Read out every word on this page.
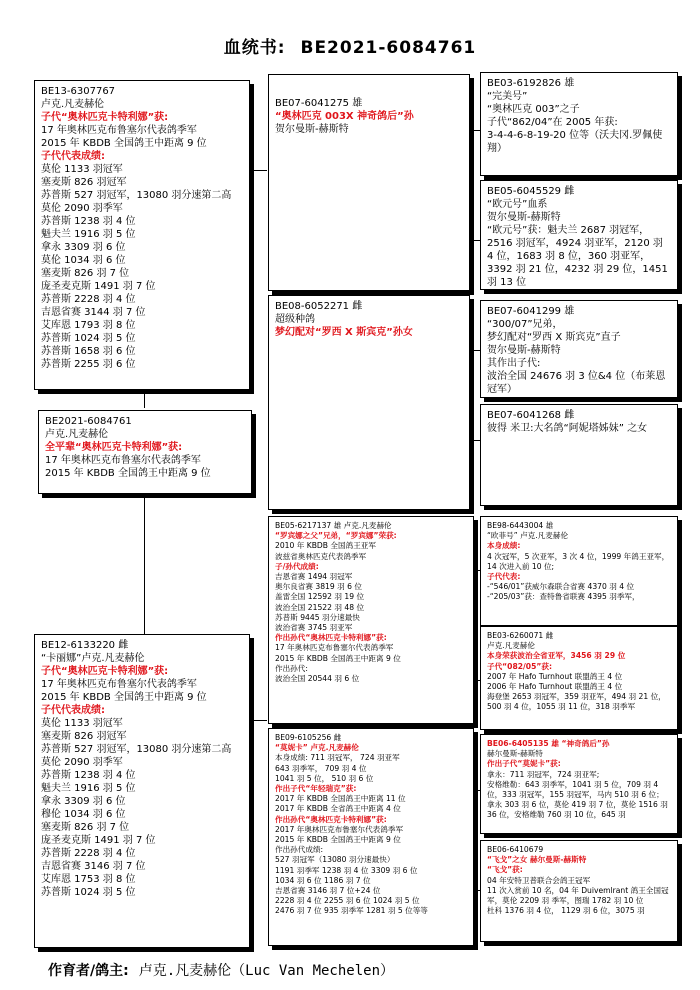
血统书: BE2021-6084761
BE13-6307767
卢克.凡麦赫伦
子代“奥林匹克卡特利娜”获:
17 年奥林匹克布鲁塞尔代表鸽季军
2015 年 KBDB 全国鸽王中距离 9 位
子代代表成绩:
莫伦 1133 羽冠军
塞麦斯 826 羽冠军
苏普斯 527 羽冠军，13080 羽分速第二高
莫伦 2090 羽季军
苏普斯 1238 羽 4 位
魁夫兰 1916 羽 5 位
拿永 3309 羽 6 位
莫伦 1034 羽 6 位
塞麦斯 826 羽 7 位
庞圣麦克斯 1491 羽 7 位
苏普斯 2228 羽 4 位
吉恩省赛 3144 羽 7 位
艾库恩 1793 羽 8 位
苏普斯 1024 羽 5 位
苏普斯 1658 羽 6 位
苏普斯 2255 羽 6 位
BE2021-6084761
卢克.凡麦赫伦
全平辈“奥林匹克卡特利娜”获:
17 年奥林匹克布鲁塞尔代表鸽季军
2015 年 KBDB 全国鸽王中距离 9 位
BE12-6133220 雌
“卡丽娜”卢克.凡麦赫伦
子代“奥林匹克卡特利娜”获:
17 年奥林匹克布鲁塞尔代表鸽季军
2015 年 KBDB 全国鸽王中距离 9 位
子代代表成绩:
莫伦 1133 羽冠军
塞麦斯 826 羽冠军
苏普斯 527 羽冠军，13080 羽分速第二高
莫伦 2090 羽季军
苏普斯 1238 羽 4 位
魁夫兰 1916 羽 5 位
拿永 3309 羽 6 位
穆伦 1034 羽 6 位
塞麦斯 826 羽 7 位
庞圣麦克斯 1491 羽 7 位
苏普斯 2228 羽 4 位
吉恩省赛 3146 羽 7 位
艾库恩 1753 羽 8 位
苏普斯 1024 羽 5 位
BE07-6041275 雄
“奥林匹克 003X 神奇鸽后”孙
贺尔曼斯-赫斯特
BE08-6052271 雌
超级种鸽
梦幻配对“罗西 X 斯宾克”孙女
BE05-6217137 雄 卢克.凡麦赫伦
“罗宾娜之父”兄弟，“罗宾娜”荣获:
2010 年 KBDB 全国鸽王亚军
波兹省奥林匹克代表鸽季军
子/孙代成绩:
吉恩省赛 1494 羽冠军
奥尔良省赛 3819 羽 6 位
盖雷全国 12592 羽 19 位
波治全国 21522 羽 48 位
苏普斯 9445 羽分速最快
波治省赛 3745 羽亚军
作出孙代“奥林匹克卡特利娜”获:
17 年奥林匹克布鲁塞尔代表鸽季军
2015 年 KBDB 全国鸽王中距离 9 位
作出孙代:
波治全国 20544 羽 6 位
BE09-6105256 雌
“莫妮卡” 卢克.凡麦赫伦
本身成绩: 711 羽冠军， 724 羽亚军
643 羽季军， 709 羽 4 位
1041 羽 5 位， 510 羽 6 位
作出子代“年轻瑞克”获:
2017 年 KBDB 全国鸽王中距离 11 位
2017 年 KBDB 全省鸽王中距离 4 位
作出孙代“奥林匹克卡特利娜”获:
2017 年奥林匹克布鲁塞尔代表鸽季军
2015 年 KBDB 全国鸽王中距离 9 位
作出孙代成绩:
527 羽冠军（13080 羽分速最快）
1191 羽季军 1238 羽 4 位 3309 羽 6 位
1034 羽 6 位 1186 羽 7 位
吉恩省赛 3146 羽 7 位+24 位
2228 羽 4 位 2255 羽 6 位 1024 羽 5 位
2476 羽 7 位 935 羽季军 1281 羽 5 位等等
BE03-6192826 雄
“完美号”
“奥林匹克 003”之子
子代“862/04”在 2005 年获:
3-4-4-6-8-19-20 位等（沃夫冈.罗佩使翔）
BE05-6045529 雌
“欧元号”血系
贺尔曼斯-赫斯特
“欧元号”获：魁夫兰 2687 羽冠军，2516 羽冠军，4924 羽亚军，2120 羽 4 位，1683 羽 8 位，360 羽亚军，3392 羽 21 位，4232 羽 29 位，1451 羽 13 位
BE07-6041299 雄
“300/07”兄弟，
梦幻配对“罗西 X 斯宾克”直子
贺尔曼斯-赫斯特
其作出子代:
波治全国 24676 羽 3 位&4 位（布莱恩冠军）
BE07-6041268 雌
彼得 米卫:大名鸽“阿妮塔姊妹” 之女
BE98-6443004 雄
“欧菲号” 卢克.凡麦赫伦
本身成绩:
4 次冠军，5 次亚军，3 次 4 位，1999 年鸽王亚军，14 次进入前 10 位;
子代代表:
-“546/01”获威尔森联合省赛 4370 羽 4 位
-“205/03”获：查特鲁省联赛 4395 羽季军，
BE03-6260071 雌
卢克.凡麦赫伦
本身荣获波治全省亚军，3456 羽 29 位
子代“082/05”获:
2007 年 Hafo Turnhout 联盟鸽王 4 位
2006 年 Hafo Turnhout 联盟鸽王 4 位
海登堡 2653 羽冠军，359 羽亚军，494 羽 21 位，500 羽 4 位，1055 羽 11 位，318 羽季军
BE06-6405135 雄 “神奇鸽后”孙
赫尔曼斯-赫斯特
作出子代“莫妮卡”获:
拿永：711 羽冠军，724 羽亚军;
安格维勒：643 羽季军，1041 羽 5 位，709 羽 4 位，333 羽冠军，155 羽冠军，马内 510 羽 6 位；拿永 303 羽 6 位，莫伦 419 羽 7 位，莫伦 1516 羽 36 位，安格维勒 760 羽 10 位，645 羽
BE06-6410679
“飞戈”之女 赫尔曼斯-赫斯特
“飞戈”获:
04 年安特卫普联合会鸽王冠军
11 次入赏前 10 名，04 年 Duivemlrant 鸽王全国冠军，莫伦 2209 羽 季军，图瑞 1782 羽 10 位
杜科 1376 羽 4 位， 1129 羽 6 位，3075 羽
作育者/鸽主: 卢克.凡麦赫伦（Luc Van Mechelen）
